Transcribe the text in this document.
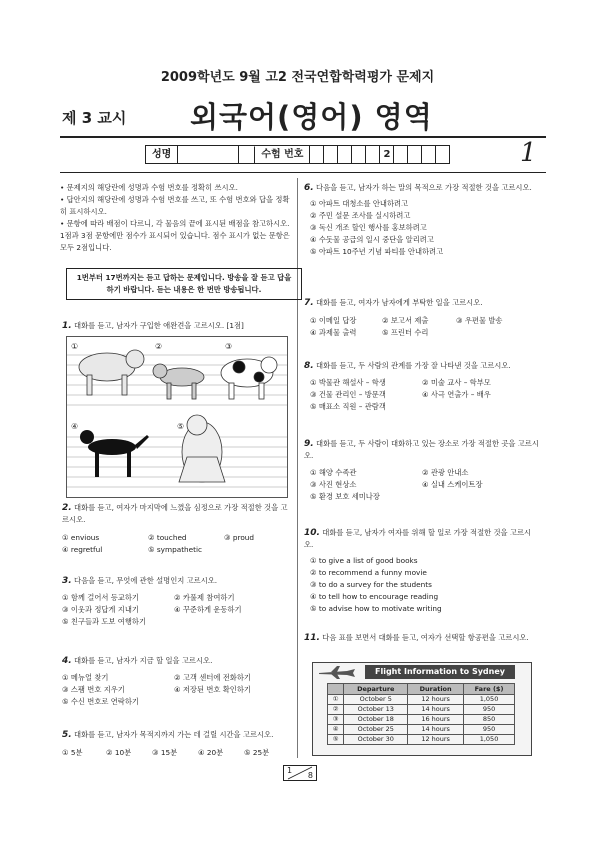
2009학년도 9월 고2 전국연합학력평가 문제지
제 3 교시 외국어(영어) 영역
1
성명	수험 번호	2

• 문제지의 해당란에 성명과 수험 번호를 정확히 쓰시오.

• 답안지의 해당란에 성명과 수험 번호를 쓰고, 또 수험 번호와 답을 정확히 표시하시오.

• 문항에 따라 배점이 다르니, 각 물음의 끝에 표시된 배점을 참고하시오. 1점과 3점 문항에만 점수가 표시되어 있습니다. 점수 표시가 없는 문항은 모두 2점입니다.

1번부터 17번까지는 듣고 답하는 문제입니다. 방송을 잘 듣고 답을 하기 바랍니다. 듣는 내용은 한 번만 방송됩니다.
1. 대화를 듣고, 남자가 구입한 애완견을 고르시오. [1점]
①	②	③
④	⑤
2. 대화를 듣고, 여자가 마지막에 느꼈을 심정으로 가장 적절한 것을 고르시오.
① envious	② touched	③ proud
④ regretful	⑤ sympathetic
3. 다음을 듣고, 무엇에 관한 설명인지 고르시오.
① 함께 걸어서 등교하기	② 카풀제 참여하기
③ 이웃과 정답게 지내기	④ 꾸준하게 운동하기
⑤ 친구들과 도보 여행하기
4. 대화를 듣고, 남자가 지금 할 일을 고르시오.
① 메뉴얼 찾기	② 고객 센터에 전화하기
③ 스팸 번호 지우기	④ 저장된 번호 확인하기
⑤ 수신 번호로 연락하기
5. 대화를 듣고, 남자가 목적지까지 가는 데 걸릴 시간을 고르시오.
① 5분	② 10분	③ 15분	④ 20분	⑤ 25분
6. 다음을 듣고, 남자가 하는 말의 목적으로 가장 적절한 것을 고르시오.
① 아파트 대청소를 안내하려고
② 주민 설문 조사를 실시하려고
③ 독신 개조 할인 행사를 홍보하려고
④ 수돗물 공급의 일시 중단을 알리려고
⑤ 아파트 10주년 기념 파티를 안내하려고
7. 대화를 듣고, 여자가 남자에게 부탁한 일을 고르시오.
① 이메일 답장	② 보고서 제출	③ 우편물 발송
④ 과제물 출력	⑤ 프린터 수리
8. 대화를 듣고, 두 사람의 관계를 가장 잘 나타낸 것을 고르시오.
① 박물관 해설사 – 학생	② 미술 교사 – 학부모
③ 건물 관리인 – 방문객	④ 사극 연출가 – 배우
⑤ 매표소 직원 – 관람객
9. 대화를 듣고, 두 사람이 대화하고 있는 장소로 가장 적절한 곳을 고르시오.
① 해양 수족관	② 관광 안내소
③ 사진 현상소	④ 실내 스케이트장
⑤ 환경 보호 세미나장
10. 대화를 듣고, 남자가 여자를 위해 할 일로 가장 적절한 것을 고르시오.
① to give a list of good books
② to recommend a funny movie
③ to do a survey for the students
④ to tell how to encourage reading
⑤ to advise how to motivate writing
11. 다음 표를 보면서 대화를 듣고, 여자가 선택할 항공편을 고르시오.
Flight Information to Sydney
	Departure	Duration	Fare ($)
①	October 5	12 hours	1,050
②	October 13	14 hours	950
③	October 18	16 hours	850
④	October 25	14 hours	950
⑤	October 30	12 hours	1,050
1
8
